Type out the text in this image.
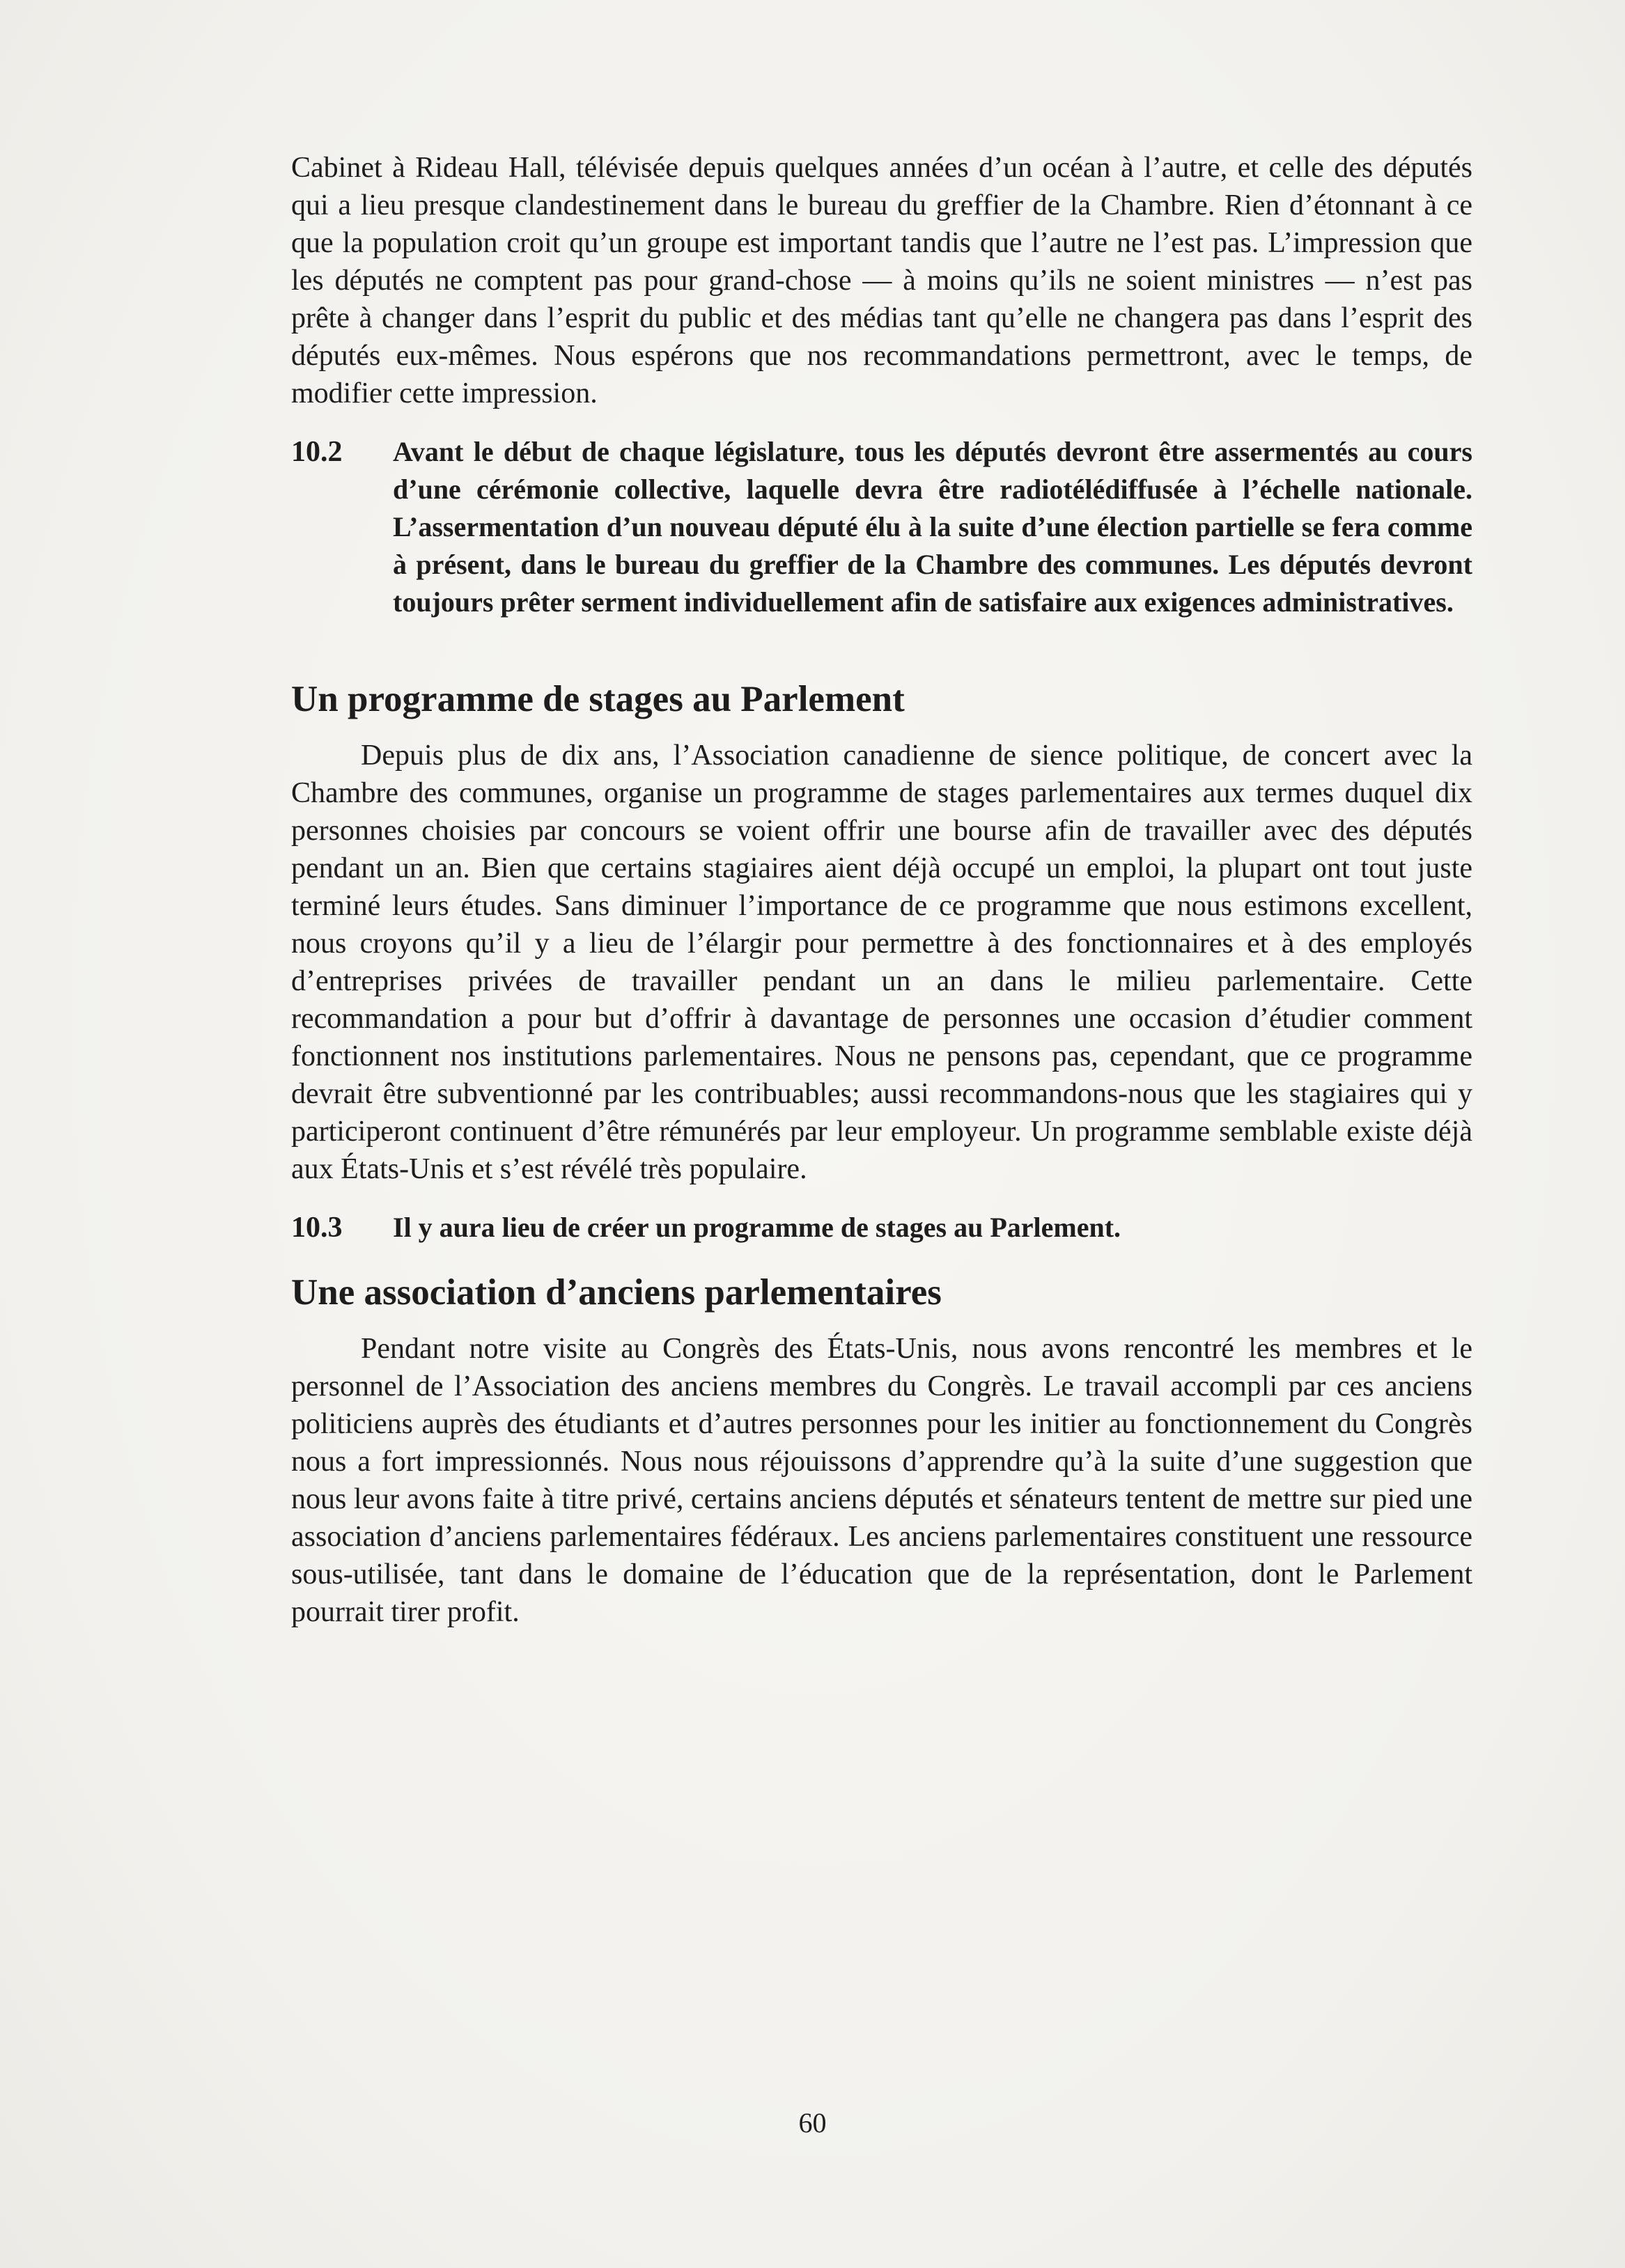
Cabinet à Rideau Hall, télévisée depuis quelques années d’un océan à l’autre, et celle des députés qui a lieu presque clandestinement dans le bureau du greffier de la Chambre. Rien d’étonnant à ce que la population croit qu’un groupe est important tandis que l’autre ne l’est pas. L’impression que les députés ne comptent pas pour grand-chose — à moins qu’ils ne soient ministres — n’est pas prête à changer dans l’esprit du public et des médias tant qu’elle ne changera pas dans l’esprit des députés eux-mêmes. Nous espérons que nos recommandations permettront, avec le temps, de modifier cette impression.

10.2	Avant le début de chaque législature, tous les députés devront être assermentés au cours d’une cérémonie collective, laquelle devra être radiotélédiffusée à l’échelle nationale. L’assermentation d’un nouveau député élu à la suite d’une élection partielle se fera comme à présent, dans le bureau du greffier de la Chambre des communes. Les députés devront toujours prêter serment individuellement afin de satisfaire aux exigences administratives.
Un programme de stages au Parlement

Depuis plus de dix ans, l’Association canadienne de sience politique, de concert avec la Chambre des communes, organise un programme de stages parlementaires aux termes duquel dix personnes choisies par concours se voient offrir une bourse afin de travailler avec des députés pendant un an. Bien que certains stagiaires aient déjà occupé un emploi, la plupart ont tout juste terminé leurs études. Sans diminuer l’importance de ce programme que nous estimons excellent, nous croyons qu’il y a lieu de l’élargir pour permettre à des fonctionnaires et à des employés d’entreprises privées de travailler pendant un an dans le milieu parlementaire. Cette recommandation a pour but d’offrir à davantage de personnes une occasion d’étudier comment fonctionnent nos institutions parlementaires. Nous ne pensons pas, cependant, que ce programme devrait être subventionné par les contribuables; aussi recommandons-nous que les stagiaires qui y participeront continuent d’être rémunérés par leur employeur. Un programme semblable existe déjà aux États-Unis et s’est révélé très populaire.

10.3	Il y aura lieu de créer un programme de stages au Parlement.
Une association d’anciens parlementaires

Pendant notre visite au Congrès des États-Unis, nous avons rencontré les membres et le personnel de l’Association des anciens membres du Congrès. Le travail accompli par ces anciens politiciens auprès des étudiants et d’autres personnes pour les initier au fonctionnement du Congrès nous a fort impressionnés. Nous nous réjouissons d’apprendre qu’à la suite d’une suggestion que nous leur avons faite à titre privé, certains anciens députés et sénateurs tentent de mettre sur pied une association d’anciens parlementaires fédéraux. Les anciens parlementaires constituent une ressource sous-utilisée, tant dans le domaine de l’éducation que de la représentation, dont le Parlement pourrait tirer profit.

60
